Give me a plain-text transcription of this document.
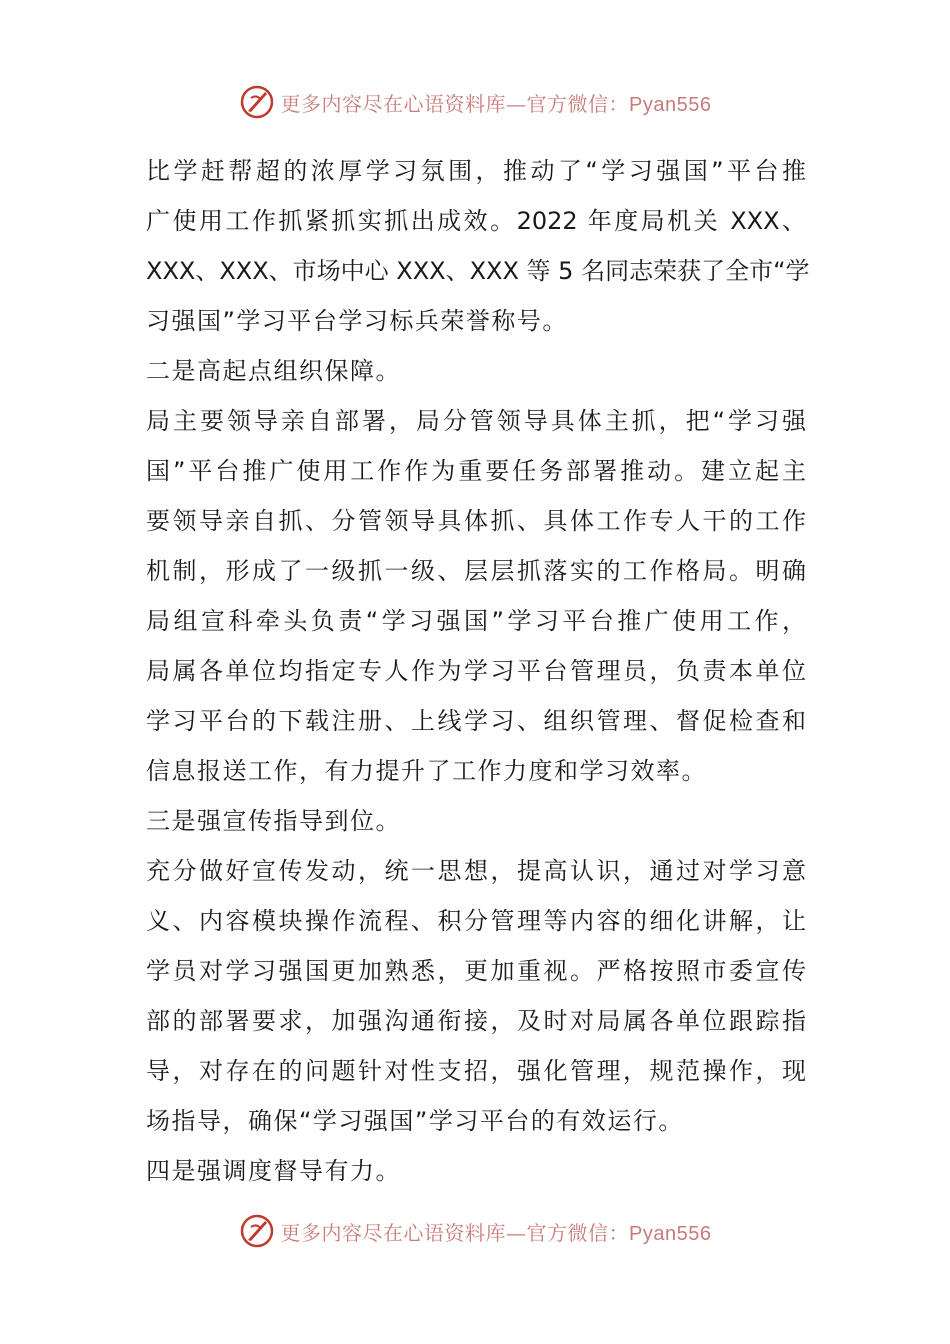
更多内容尽在心语资料库—官方微信：Pyan556
比学赶帮超的浓厚学习氛围，推动了“学习强国”平台推
广使用工作抓紧抓实抓出成效。2022 年度局机关 XXX、
XXX、XXX、市场中心 XXX、XXX 等 5 名同志荣获了全市“学
习强国”学习平台学习标兵荣誉称号。
二是高起点组织保障。
局主要领导亲自部署，局分管领导具体主抓，把“学习强
国”平台推广使用工作作为重要任务部署推动。建立起主
要领导亲自抓、分管领导具体抓、具体工作专人干的工作
机制，形成了一级抓一级、层层抓落实的工作格局。明确
局组宣科牵头负责“学习强国”学习平台推广使用工作，
局属各单位均指定专人作为学习平台管理员，负责本单位
学习平台的下载注册、上线学习、组织管理、督促检查和
信息报送工作，有力提升了工作力度和学习效率。
三是强宣传指导到位。
充分做好宣传发动，统一思想，提高认识，通过对学习意
义、内容模块操作流程、积分管理等内容的细化讲解，让
学员对学习强国更加熟悉，更加重视。严格按照市委宣传
部的部署要求，加强沟通衔接，及时对局属各单位跟踪指
导，对存在的问题针对性支招，强化管理，规范操作，现
场指导，确保“学习强国”学习平台的有效运行。
四是强调度督导有力。
更多内容尽在心语资料库—官方微信：Pyan556
